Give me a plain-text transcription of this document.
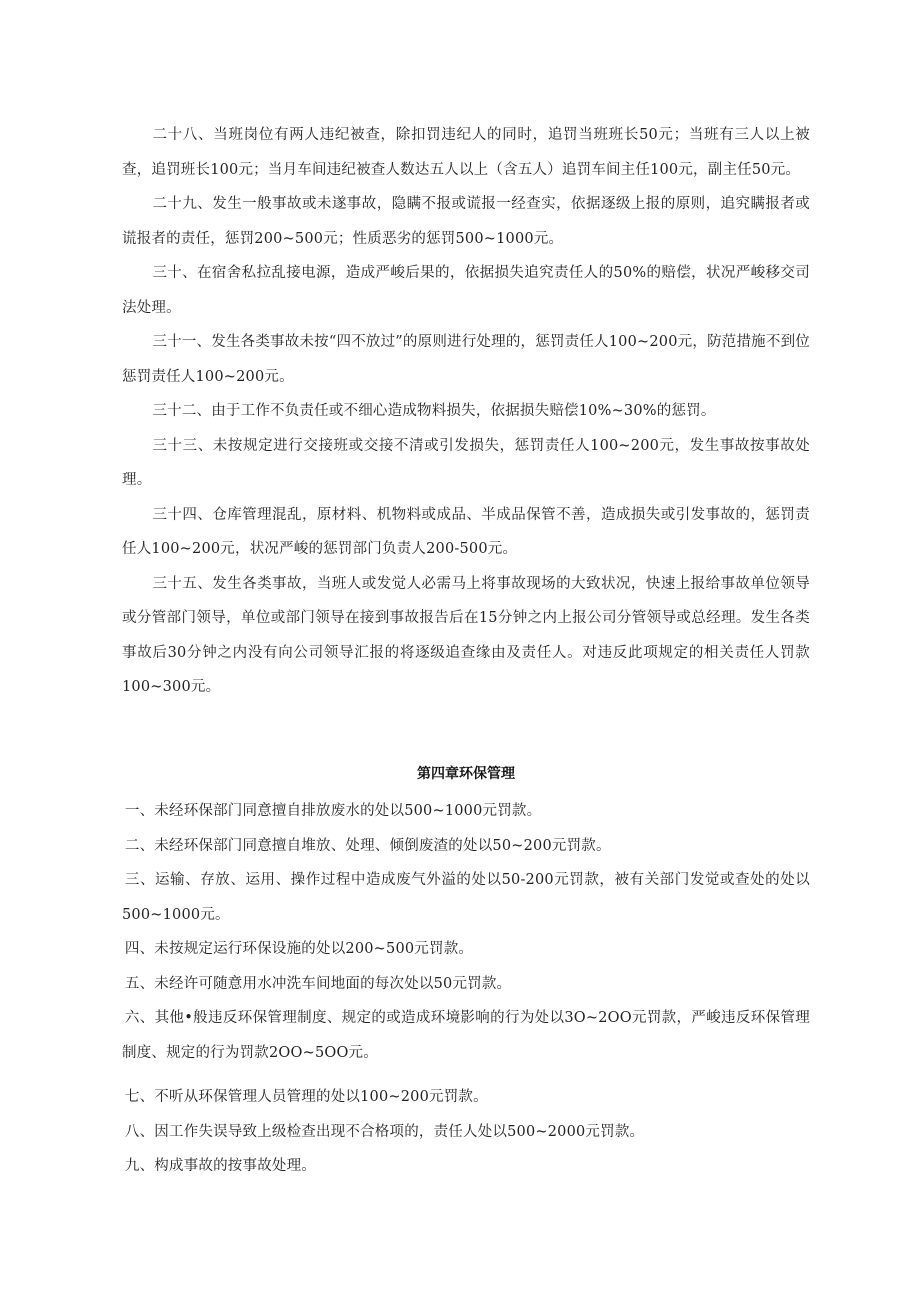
二十八、当班岗位有两人违纪被查，除扣罚违纪人的同时，追罚当班班长50元；当班有三人以上被查，追罚班长100元；当月车间违纪被查人数达五人以上（含五人）追罚车间主任100元，副主任50元。

二十九、发生一般事故或未遂事故，隐瞒不报或谎报一经查实，依据逐级上报的原则，追究瞒报者或谎报者的责任，惩罚200~500元；性质恶劣的惩罚500~1000元。

三十、在宿舍私拉乱接电源，造成严峻后果的，依据损失追究责任人的50%的赔偿，状况严峻移交司法处理。

三十一、发生各类事故未按“四不放过”的原则进行处理的，惩罚责任人100~200元，防范措施不到位惩罚责任人100~200元。

三十二、由于工作不负责任或不细心造成物料损失，依据损失赔偿10%~30%的惩罚。

三十三、未按规定进行交接班或交接不清或引发损失，惩罚责任人100~200元，发生事故按事故处理。

三十四、仓库管理混乱，原材料、机物料或成品、半成品保管不善，造成损失或引发事故的，惩罚责任人100~200元，状况严峻的惩罚部门负责人200-500元。

三十五、发生各类事故，当班人或发觉人必需马上将事故现场的大致状况，快速上报给事故单位领导或分管部门领导，单位或部门领导在接到事故报告后在15分钟之内上报公司分管领导或总经理。发生各类事故后30分钟之内没有向公司领导汇报的将逐级追查缘由及责任人。对违反此项规定的相关责任人罚款100~300元。

第四章环保管理

一、未经环保部门同意擅自排放废水的处以500~1000元罚款。

二、未经环保部门同意擅自堆放、处理、倾倒废渣的处以50~200元罚款。

三、运输、存放、运用、操作过程中造成废气外溢的处以50-200元罚款，被有关部门发觉或查处的处以500~1000元。

四、未按规定运行环保设施的处以200~500元罚款。

五、未经许可随意用水冲洗车间地面的每次处以50元罚款。

六、其他•般违反环保管理制度、规定的或造成环境影响的行为处以3O~2OO元罚款，严峻违反环保管理制度、规定的行为罚款2OO~5OO元。

七、不听从环保管理人员管理的处以100~200元罚款。

八、因工作失误导致上级检查出现不合格项的，责任人处以500~2000元罚款。

九、构成事故的按事故处理。
